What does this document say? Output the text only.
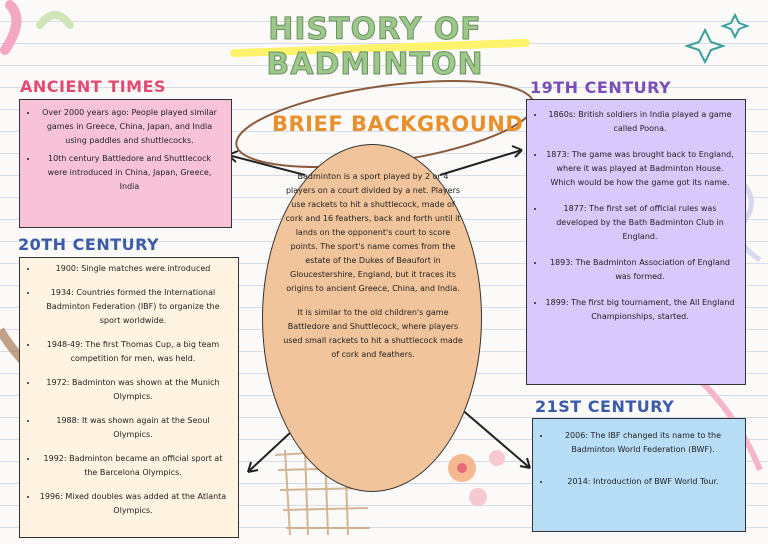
HISTORY OF BADMINTON
ANCIENT TIMES
• Over 2000 years ago: People played similar games in Greece, China, Japan, and India using paddles and shuttlecocks.
• 10th century Battledore and Shuttlecock were introduced in China, Japan, Greece, India
20TH CENTURY
• 1900: Single matches were introduced
• 1934: Countries formed the International Badminton Federation (IBF) to organize the sport worldwide.
• 1948-49: The first Thomas Cup, a big team competition for men, was held.
• 1972: Badminton was shown at the Munich Olympics.
• 1988: It was shown again at the Seoul Olympics.
• 1992: Badminton became an official sport at the Barcelona Olympics.
• 1996: Mixed doubles was added at the Atlanta Olympics.
19TH CENTURY
• 1860s: British soldiers in India played a game called Poona.
• 1873: The game was brought back to England, where it was played at Badminton House. Which would be how the game got its name.
• 1877: The first set of official rules was developed by the Bath Badminton Club in England.
• 1893: The Badminton Association of England was formed.
• 1899: The first big tournament, the All England Championships, started.
21ST CENTURY
• 2006: The IBF changed its name to the Badminton World Federation (BWF).
• 2014: Introduction of BWF World Tour.
BRIEF BACKGROUND

Badminton is a sport played by 2 or 4 players on a court divided by a net. Players use rackets to hit a shuttlecock, made of cork and 16 feathers, back and forth until it lands on the opponent's court to score points. The sport's name comes from the estate of the Dukes of Beaufort in Gloucestershire, England, but it traces its origins to ancient Greece, China, and India.

It is similar to the old children's game Battledore and Shuttlecock, where players used small rackets to hit a shuttlecock made of cork and feathers.
